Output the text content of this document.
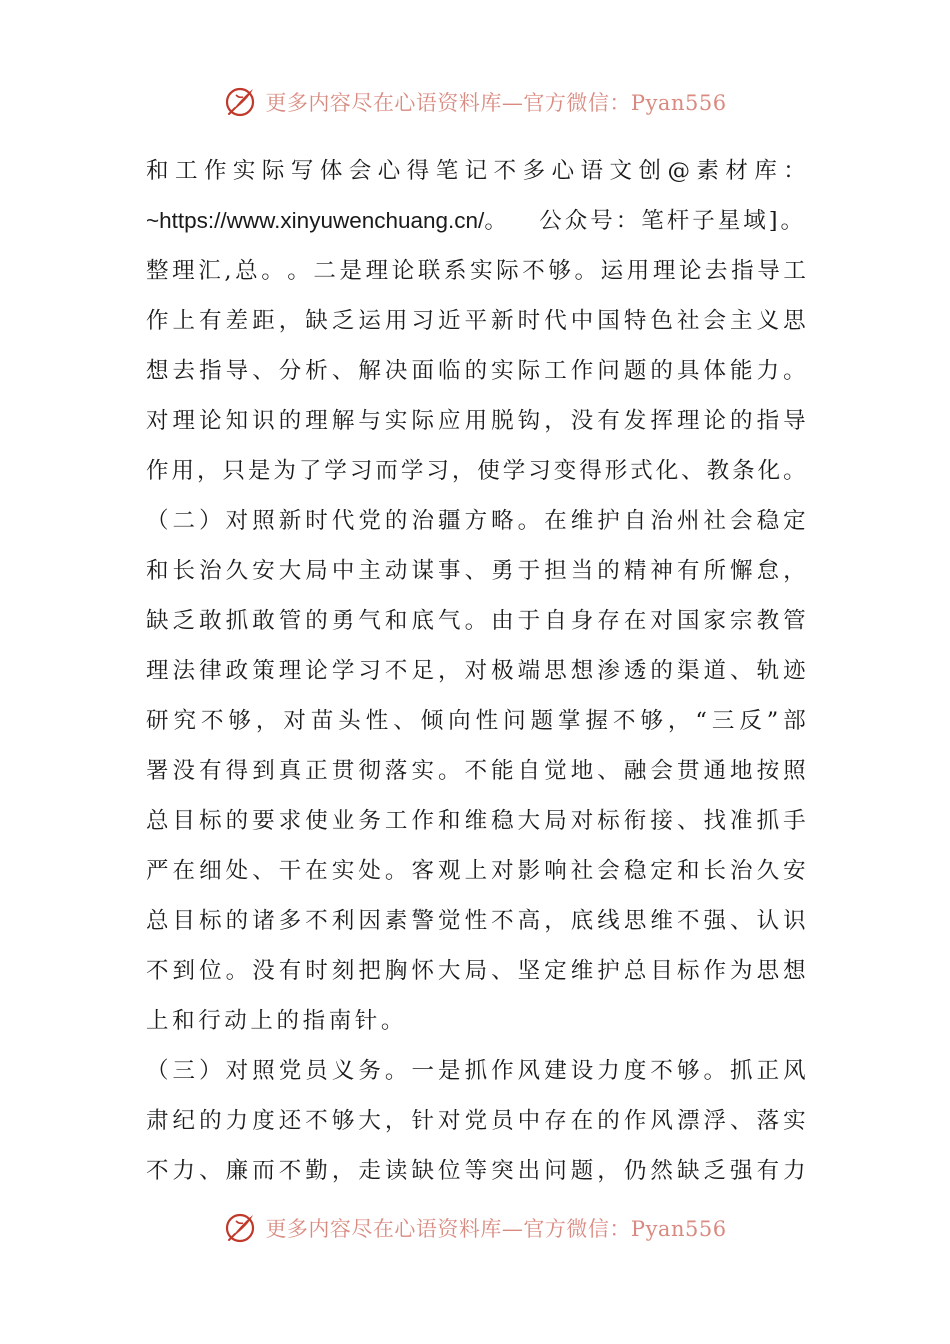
更多内容尽在心语资料库—官方微信：Pyan556
和 工 作 实 际 写 体 会 心 得 笔 记 不 多 心 语 文 创 @ 素 材 库 ：
~https://www.xinyuwenchuang.cn/。 公众号：笔杆子星域]。
整 理 汇 , 总 。 。 二 是 理 论 联 系 实 际 不 够 。 运 用 理 论 去 指 导 工
作 上 有 差 距 ， 缺 乏 运 用 习 近 平 新 时 代 中 国 特 色 社 会 主 义 思
想 去 指 导 、 分 析 、 解 决 面 临 的 实 际 工 作 问 题 的 具 体 能 力 。
对 理 论 知 识 的 理 解 与 实 际 应 用 脱 钩 ， 没 有 发 挥 理 论 的 指 导
作 用 ， 只 是 为 了 学 习 而 学 习 ， 使 学 习 变 得 形 式 化 、 教 条 化 。
（ 二 ） 对 照 新 时 代 党 的 治 疆 方 略 。 在 维 护 自 治 州 社 会 稳 定
和 长 治 久 安 大 局 中 主 动 谋 事 、 勇 于 担 当 的 精 神 有 所 懈 怠 ，
缺 乏 敢 抓 敢 管 的 勇 气 和 底 气 。 由 于 自 身 存 在 对 国 家 宗 教 管
理 法 律 政 策 理 论 学 习 不 足 ， 对 极 端 思 想 渗 透 的 渠 道 、 轨 迹
研 究 不 够 ， 对 苗 头 性 、 倾 向 性 问 题 掌 握 不 够 ， “ 三 反 ” 部
署 没 有 得 到 真 正 贯 彻 落 实 。 不 能 自 觉 地 、 融 会 贯 通 地 按 照
总 目 标 的 要 求 使 业 务 工 作 和 维 稳 大 局 对 标 衔 接 、 找 准 抓 手
严 在 细 处 、 干 在 实 处 。 客 观 上 对 影 响 社 会 稳 定 和 长 治 久 安
总 目 标 的 诸 多 不 利 因 素 警 觉 性 不 高 ， 底 线 思 维 不 强 、 认 识
不 到 位 。 没 有 时 刻 把 胸 怀 大 局 、 坚 定 维 护 总 目 标 作 为 思 想
上和行动上的指南针。
（ 三 ） 对 照 党 员 义 务 。 一 是 抓 作 风 建 设 力 度 不 够 。 抓 正 风
肃 纪 的 力 度 还 不 够 大 ， 针 对 党 员 中 存 在 的 作 风 漂 浮 、 落 实
不 力 、 廉 而 不 勤 ， 走 读 缺 位 等 突 出 问 题 ， 仍 然 缺 乏 强 有 力
更多内容尽在心语资料库—官方微信：Pyan556
